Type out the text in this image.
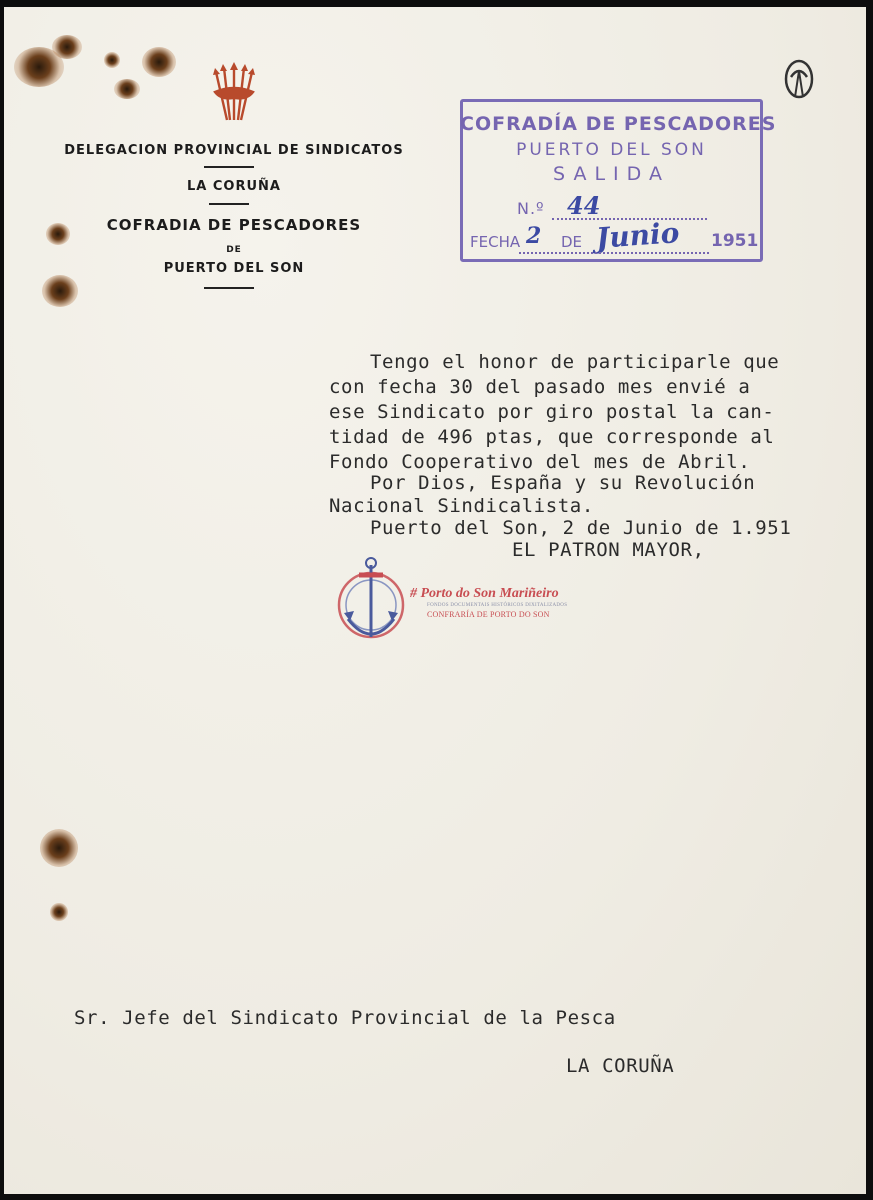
DELEGACION PROVINCIAL DE SINDICATOS
LA CORUÑA
COFRADIA DE PESCADORES
DE
PUERTO DEL SON
COFRADÍA DE PESCADORES
PUERTO DEL SON
SALIDA
N.º 44
FECHA 2 DE Junio 1951
Tengo el honor de participarle que
con fecha 30 del pasado mes envié a
ese Sindicato por giro postal la can-
tidad de 496 ptas, que corresponde al
Fondo Cooperativo del mes de Abril.
Por Dios, España y su Revolución
Nacional Sindicalista.
Puerto del Son, 2 de Junio de 1.951
EL PATRON MAYOR,
# Porto do Son Mariñeiro
FONDOS DOCUMENTAIS HISTÓRICOS DIXITALIZADOS
CONFRARÍA DE PORTO DO SON
Sr. Jefe del Sindicato Provincial de la Pesca
LA CORUÑA
